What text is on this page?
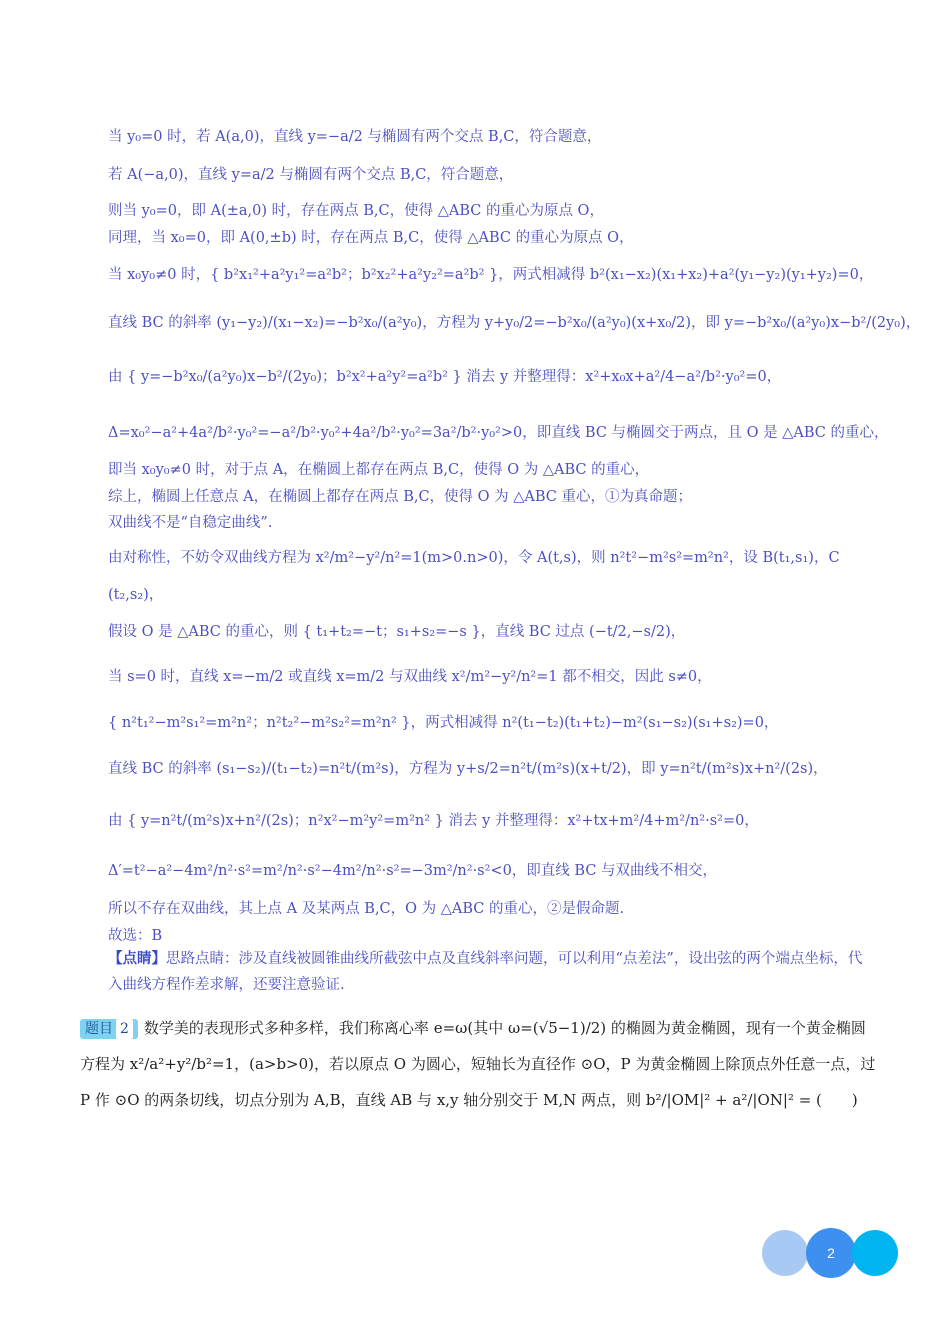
当 y₀=0 时，若 A(a,0)，直线 y=−a/2 与椭圆有两个交点 B,C，符合题意，
若 A(−a,0)，直线 y=a/2 与椭圆有两个交点 B,C，符合题意，
则当 y₀=0，即 A(±a,0) 时，存在两点 B,C，使得 △ABC 的重心为原点 O，
同理，当 x₀=0，即 A(0,±b) 时，存在两点 B,C，使得 △ABC 的重心为原点 O，
当 x₀y₀≠0 时，{ b²x₁²+a²y₁²=a²b²；b²x₂²+a²y₂²=a²b² }，两式相减得 b²(x₁−x₂)(x₁+x₂)+a²(y₁−y₂)(y₁+y₂)=0，
直线 BC 的斜率 (y₁−y₂)/(x₁−x₂)=−b²x₀/(a²y₀)，方程为 y+y₀/2=−b²x₀/(a²y₀)(x+x₀/2)，即 y=−b²x₀/(a²y₀)x−b²/(2y₀)，
由 { y=−b²x₀/(a²y₀)x−b²/(2y₀)；b²x²+a²y²=a²b² } 消去 y 并整理得：x²+x₀x+a²/4−a²/b²·y₀²=0，
Δ=x₀²−a²+4a²/b²·y₀²=−a²/b²·y₀²+4a²/b²·y₀²=3a²/b²·y₀²>0，即直线 BC 与椭圆交于两点，且 O 是 △ABC 的重心，
即当 x₀y₀≠0 时，对于点 A，在椭圆上都存在两点 B,C，使得 O 为 △ABC 的重心，
综上，椭圆上任意点 A，在椭圆上都存在两点 B,C，使得 O 为 △ABC 重心，①为真命题；
双曲线不是“自稳定曲线”.
由对称性，不妨令双曲线方程为 x²/m²−y²/n²=1(m>0.n>0)，令 A(t,s)，则 n²t²−m²s²=m²n²，设 B(t₁,s₁)，C
(t₂,s₂)，
假设 O 是 △ABC 的重心，则 { t₁+t₂=−t；s₁+s₂=−s }，直线 BC 过点 (−t/2,−s/2)，
当 s=0 时，直线 x=−m/2 或直线 x=m/2 与双曲线 x²/m²−y²/n²=1 都不相交，因此 s≠0，
{ n²t₁²−m²s₁²=m²n²；n²t₂²−m²s₂²=m²n² }，两式相减得 n²(t₁−t₂)(t₁+t₂)−m²(s₁−s₂)(s₁+s₂)=0，
直线 BC 的斜率 (s₁−s₂)/(t₁−t₂)=n²t/(m²s)，方程为 y+s/2=n²t/(m²s)(x+t/2)，即 y=n²t/(m²s)x+n²/(2s)，
由 { y=n²t/(m²s)x+n²/(2s)；n²x²−m²y²=m²n² } 消去 y 并整理得：x²+tx+m²/4+m²/n²·s²=0，
Δ′=t²−a²−4m²/n²·s²=m²/n²·s²−4m²/n²·s²=−3m²/n²·s²<0，即直线 BC 与双曲线不相交，
所以不存在双曲线，其上点 A 及某两点 B,C，O 为 △ABC 的重心，②是假命题.
故选：B
【点睛】思路点睛：涉及直线被圆锥曲线所截弦中点及直线斜率问题，可以利用“点差法”，设出弦的两个端点坐标，代入曲线方程作差求解，还要注意验证.
题目 2 数学美的表现形式多种多样，我们称离心率 e=ω(其中 ω=(√5−1)/2) 的椭圆为黄金椭圆，现有一个黄金椭圆方程为 x²/a²+y²/b²=1，(a>b>0)，若以原点 O 为圆心，短轴长为直径作 ⊙O，P 为黄金椭圆上除顶点外任意一点，过 P 作 ⊙O 的两条切线，切点分别为 A,B，直线 AB 与 x,y 轴分别交于 M,N 两点，则 b²/|OM|² + a²/|ON|² = (　　)
2
